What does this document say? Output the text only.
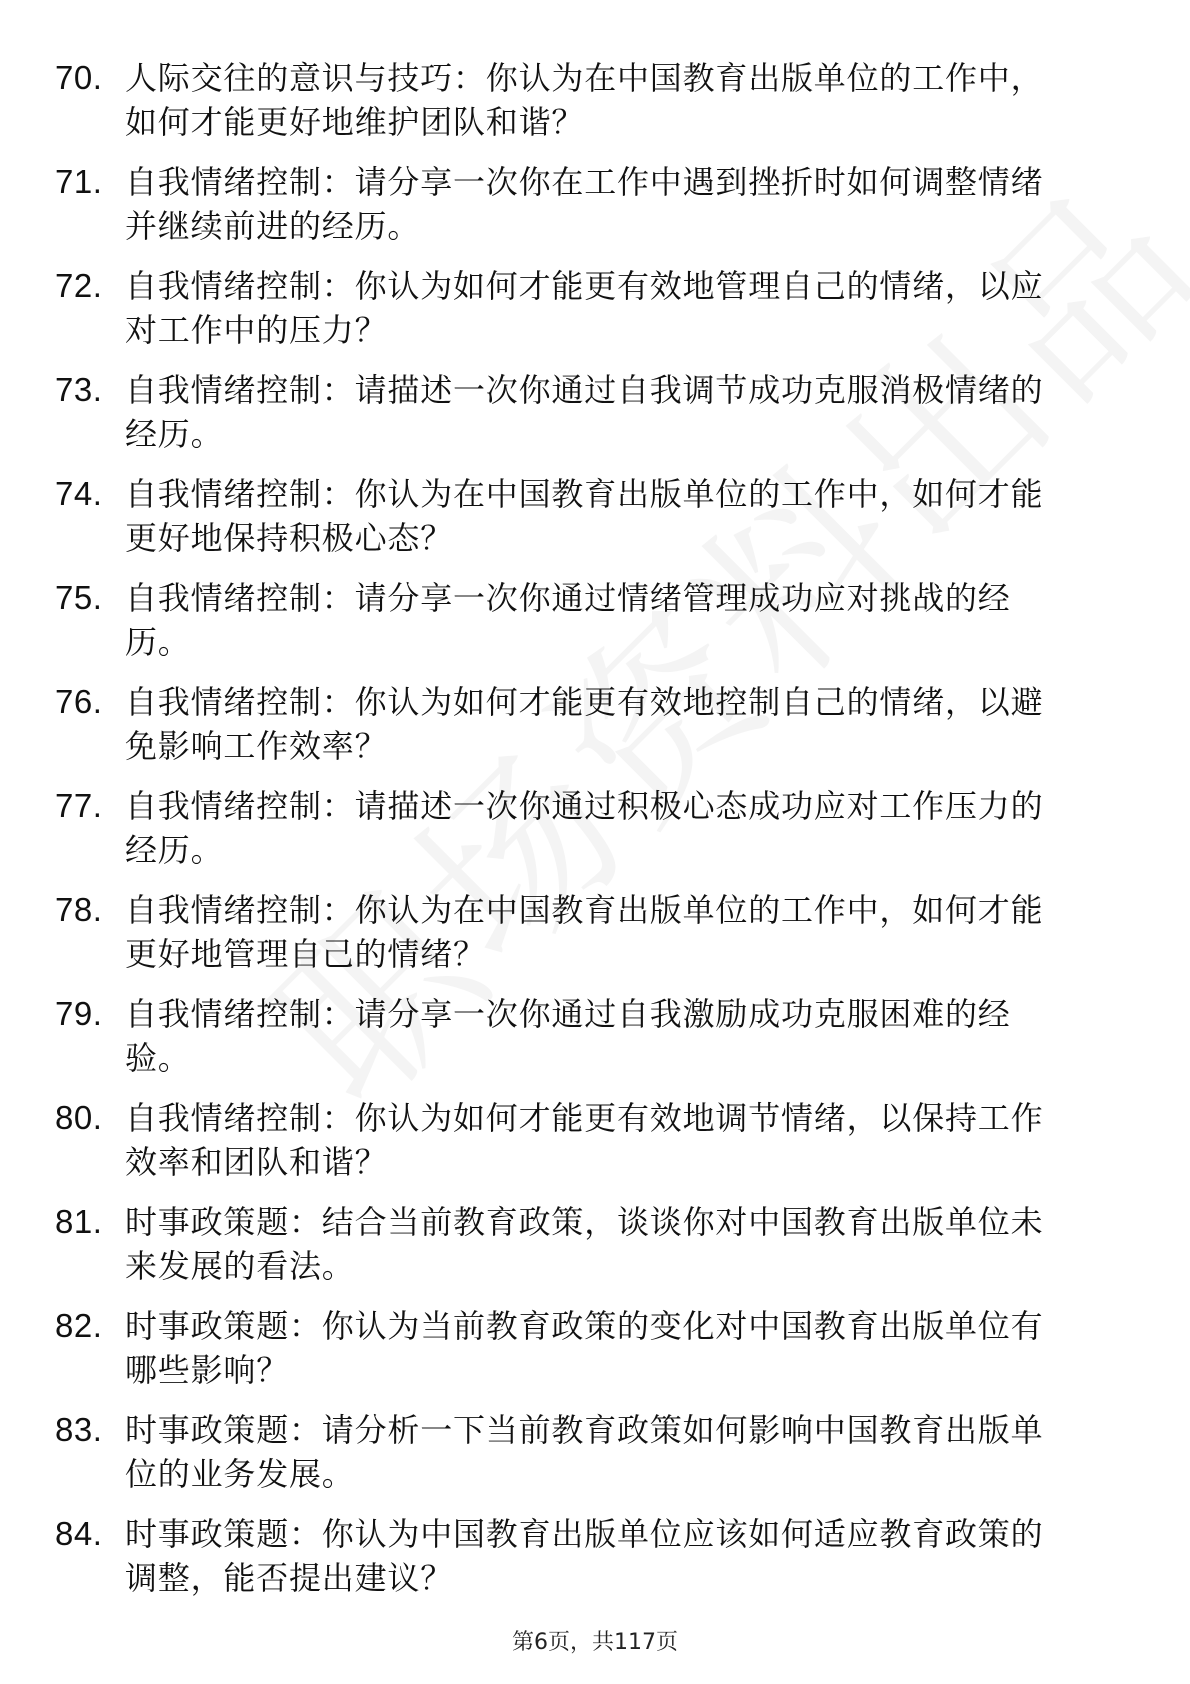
70. 人际交往的意识与技巧：你认为在中国教育出版单位的工作中，如何才能更好地维护团队和谐？
71. 自我情绪控制：请分享一次你在工作中遇到挫折时如何调整情绪并继续前进的经历。
72. 自我情绪控制：你认为如何才能更有效地管理自己的情绪，以应对工作中的压力？
73. 自我情绪控制：请描述一次你通过自我调节成功克服消极情绪的经历。
74. 自我情绪控制：你认为在中国教育出版单位的工作中，如何才能更好地保持积极心态？
75. 自我情绪控制：请分享一次你通过情绪管理成功应对挑战的经历。
76. 自我情绪控制：你认为如何才能更有效地控制自己的情绪，以避免影响工作效率？
77. 自我情绪控制：请描述一次你通过积极心态成功应对工作压力的经历。
78. 自我情绪控制：你认为在中国教育出版单位的工作中，如何才能更好地管理自己的情绪？
79. 自我情绪控制：请分享一次你通过自我激励成功克服困难的经验。
80. 自我情绪控制：你认为如何才能更有效地调节情绪，以保持工作效率和团队和谐？
81. 时事政策题：结合当前教育政策，谈谈你对中国教育出版单位未来发展的看法。
82. 时事政策题：你认为当前教育政策的变化对中国教育出版单位有哪些影响？
83. 时事政策题：请分析一下当前教育政策如何影响中国教育出版单位的业务发展。
84. 时事政策题：你认为中国教育出版单位应该如何适应教育政策的调整，能否提出建议？
第6页，共117页
